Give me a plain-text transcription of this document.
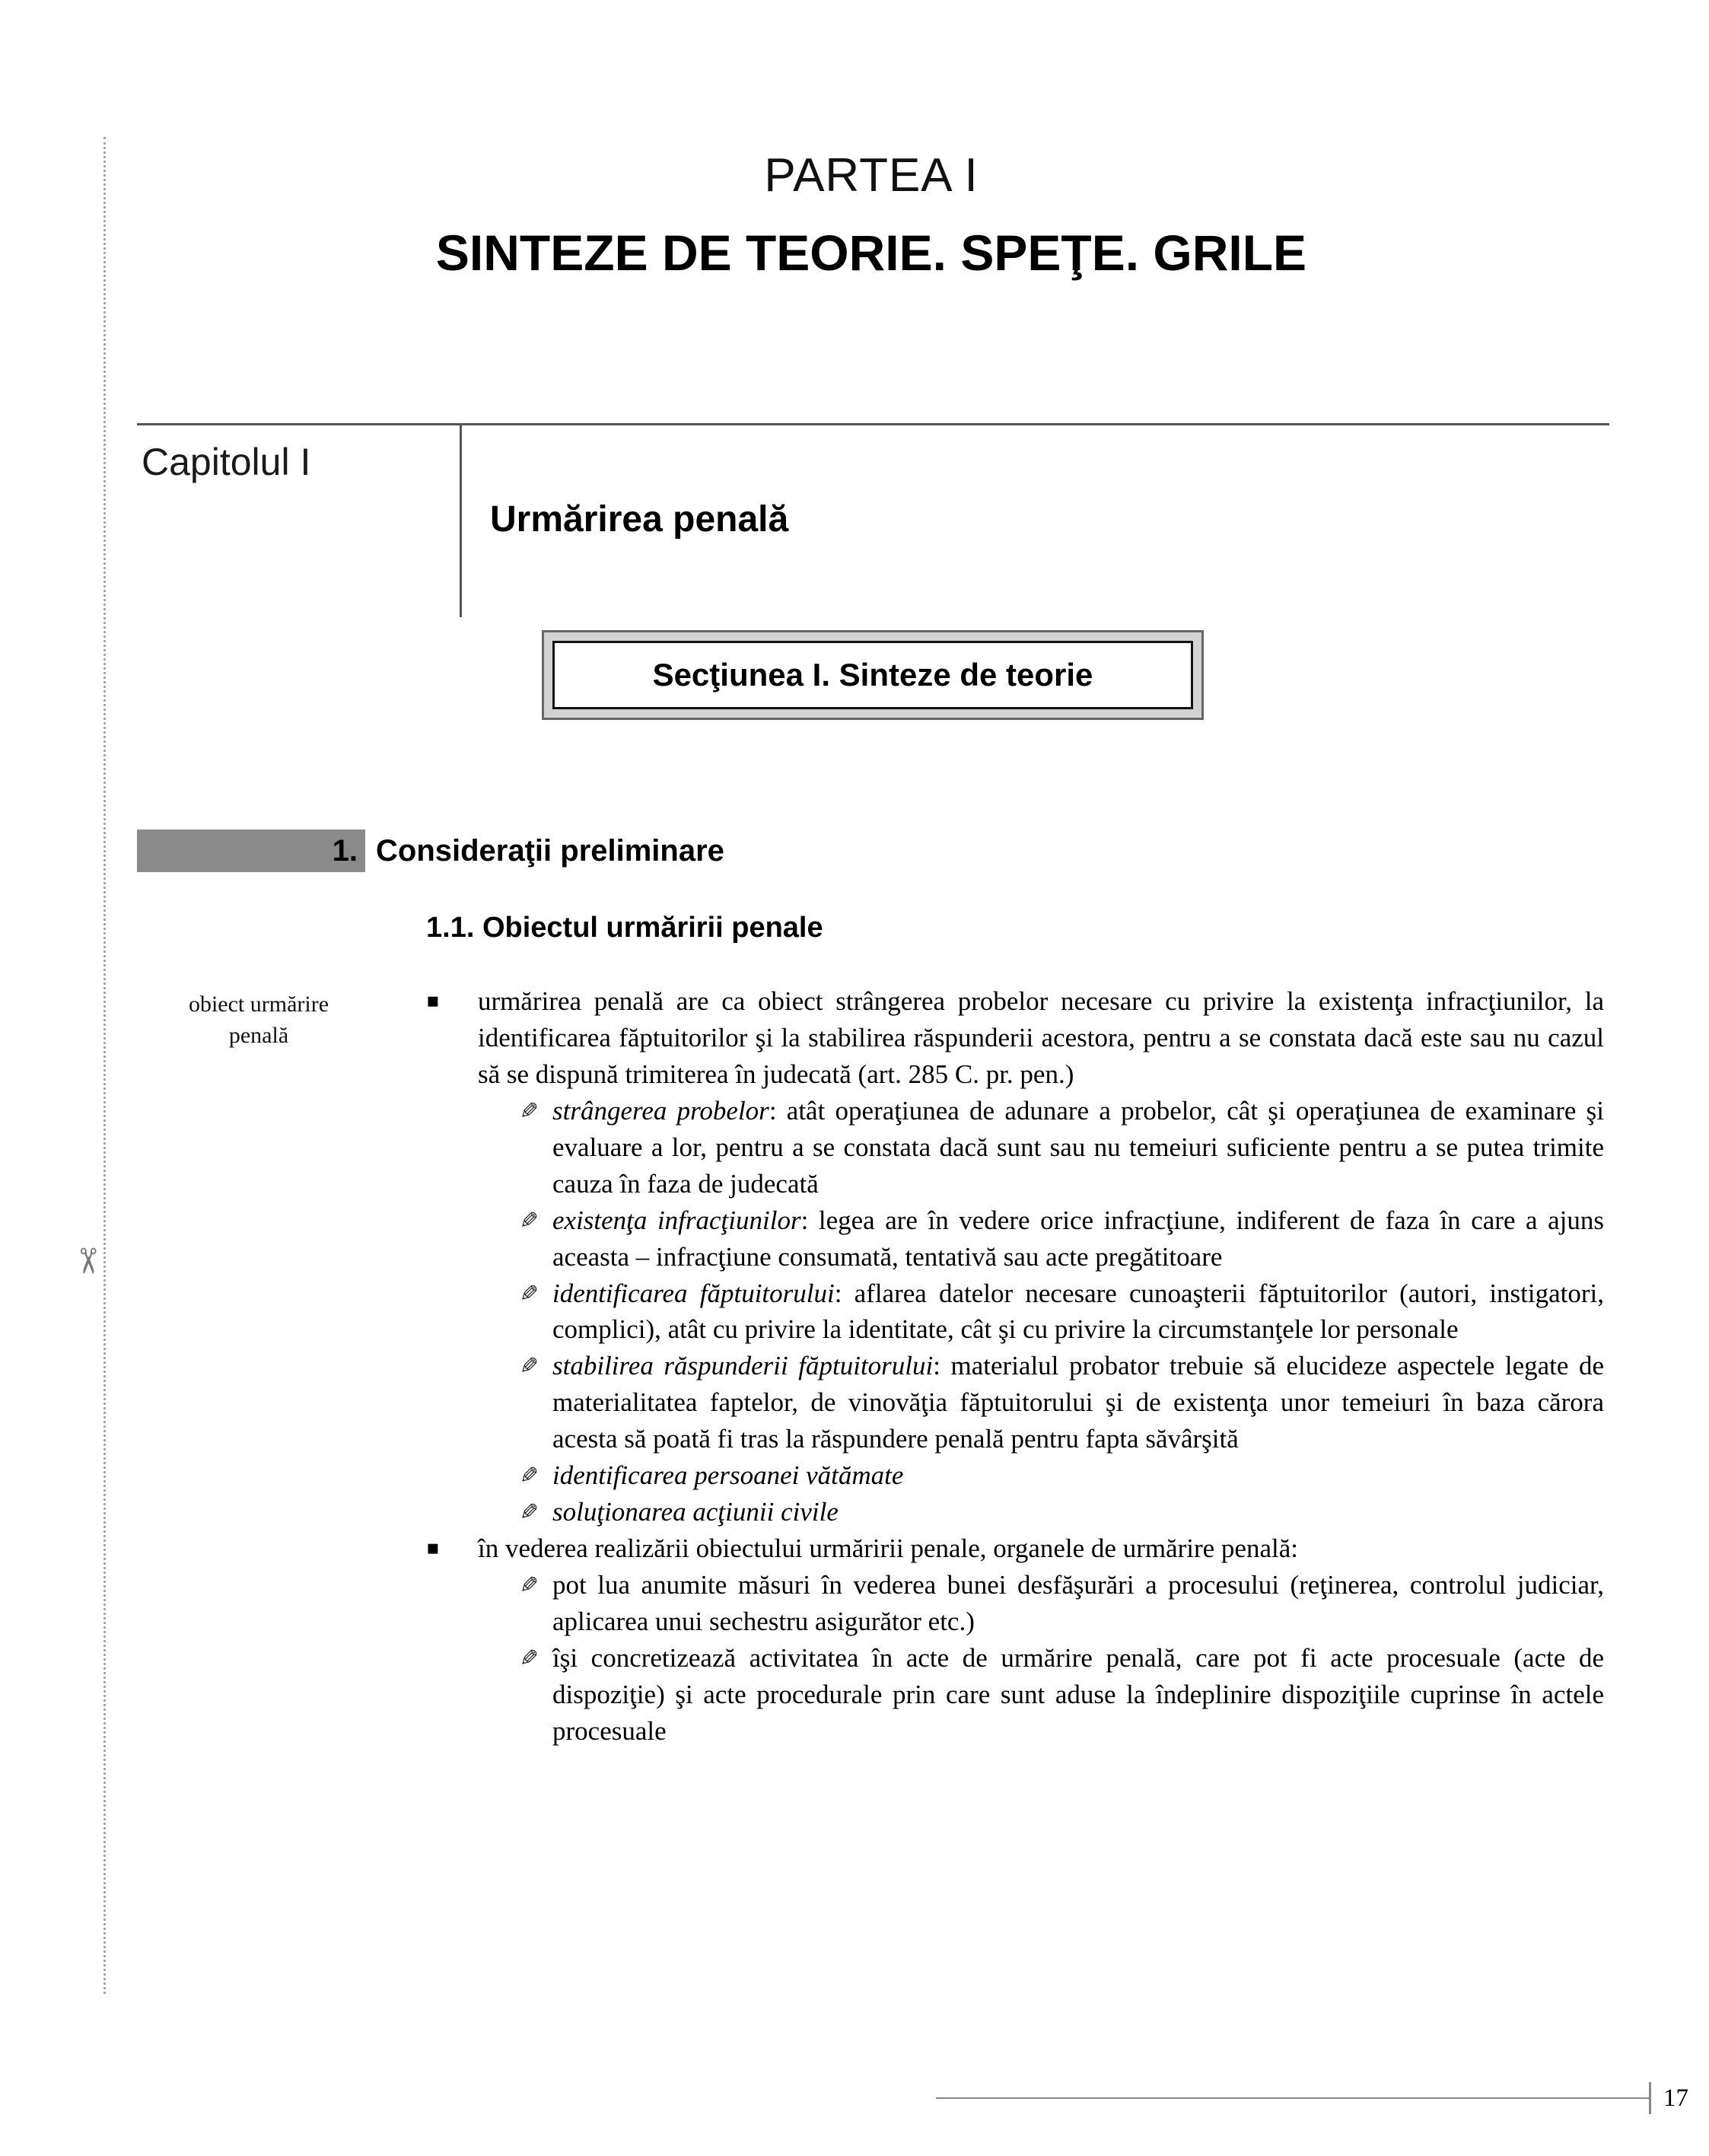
✂
PARTEA I
SINTEZE DE TEORIE. SPEŢE. GRILE
Capitolul I
Urmărirea penală
Secţiunea I. Sinteze de teorie
1. Consideraţii preliminare
1.1. Obiectul urmăririi penale
obiect urmărire penală
▪	urmărirea penală are ca obiect strângerea probelor necesare cu privire la existenţa infracţiunilor, la identificarea făptuitorilor şi la stabilirea răspunderii acestora, pentru a se constata dacă este sau nu cazul să se dispună trimiterea în judecată (art. 285 C. pr. pen.)
✎ strângerea probelor: atât operaţiunea de adunare a probelor, cât şi operaţiunea de examinare şi evaluare a lor, pentru a se constata dacă sunt sau nu temeiuri suficiente pentru a se putea trimite cauza în faza de judecată
✎ existenţa infracţiunilor: legea are în vedere orice infracţiune, indiferent de faza în care a ajuns aceasta – infracţiune consumată, tentativă sau acte pregătitoare
✎ identificarea făptuitorului: aflarea datelor necesare cunoaşterii făptuitorilor (autori, instigatori, complici), atât cu privire la identitate, cât şi cu privire la circumstanţele lor personale
✎ stabilirea răspunderii făptuitorului: materialul probator trebuie să elucideze aspectele legate de materialitatea faptelor, de vinovăţia făptuitorului şi de existenţa unor temeiuri în baza cărora acesta să poată fi tras la răspundere penală pentru fapta săvârşită
✎ identificarea persoanei vătămate
✎ soluţionarea acţiunii civile
▪	în vederea realizării obiectului urmăririi penale, organele de urmărire penală:
✎ pot lua anumite măsuri în vederea bunei desfăşurări a procesului (reţinerea, controlul judiciar, aplicarea unui sechestru asigurător etc.)
✎ îşi concretizează activitatea în acte de urmărire penală, care pot fi acte procesuale (acte de dispoziţie) şi acte procedurale prin care sunt aduse la îndeplinire dispoziţiile cuprinse în actele procesuale
17
